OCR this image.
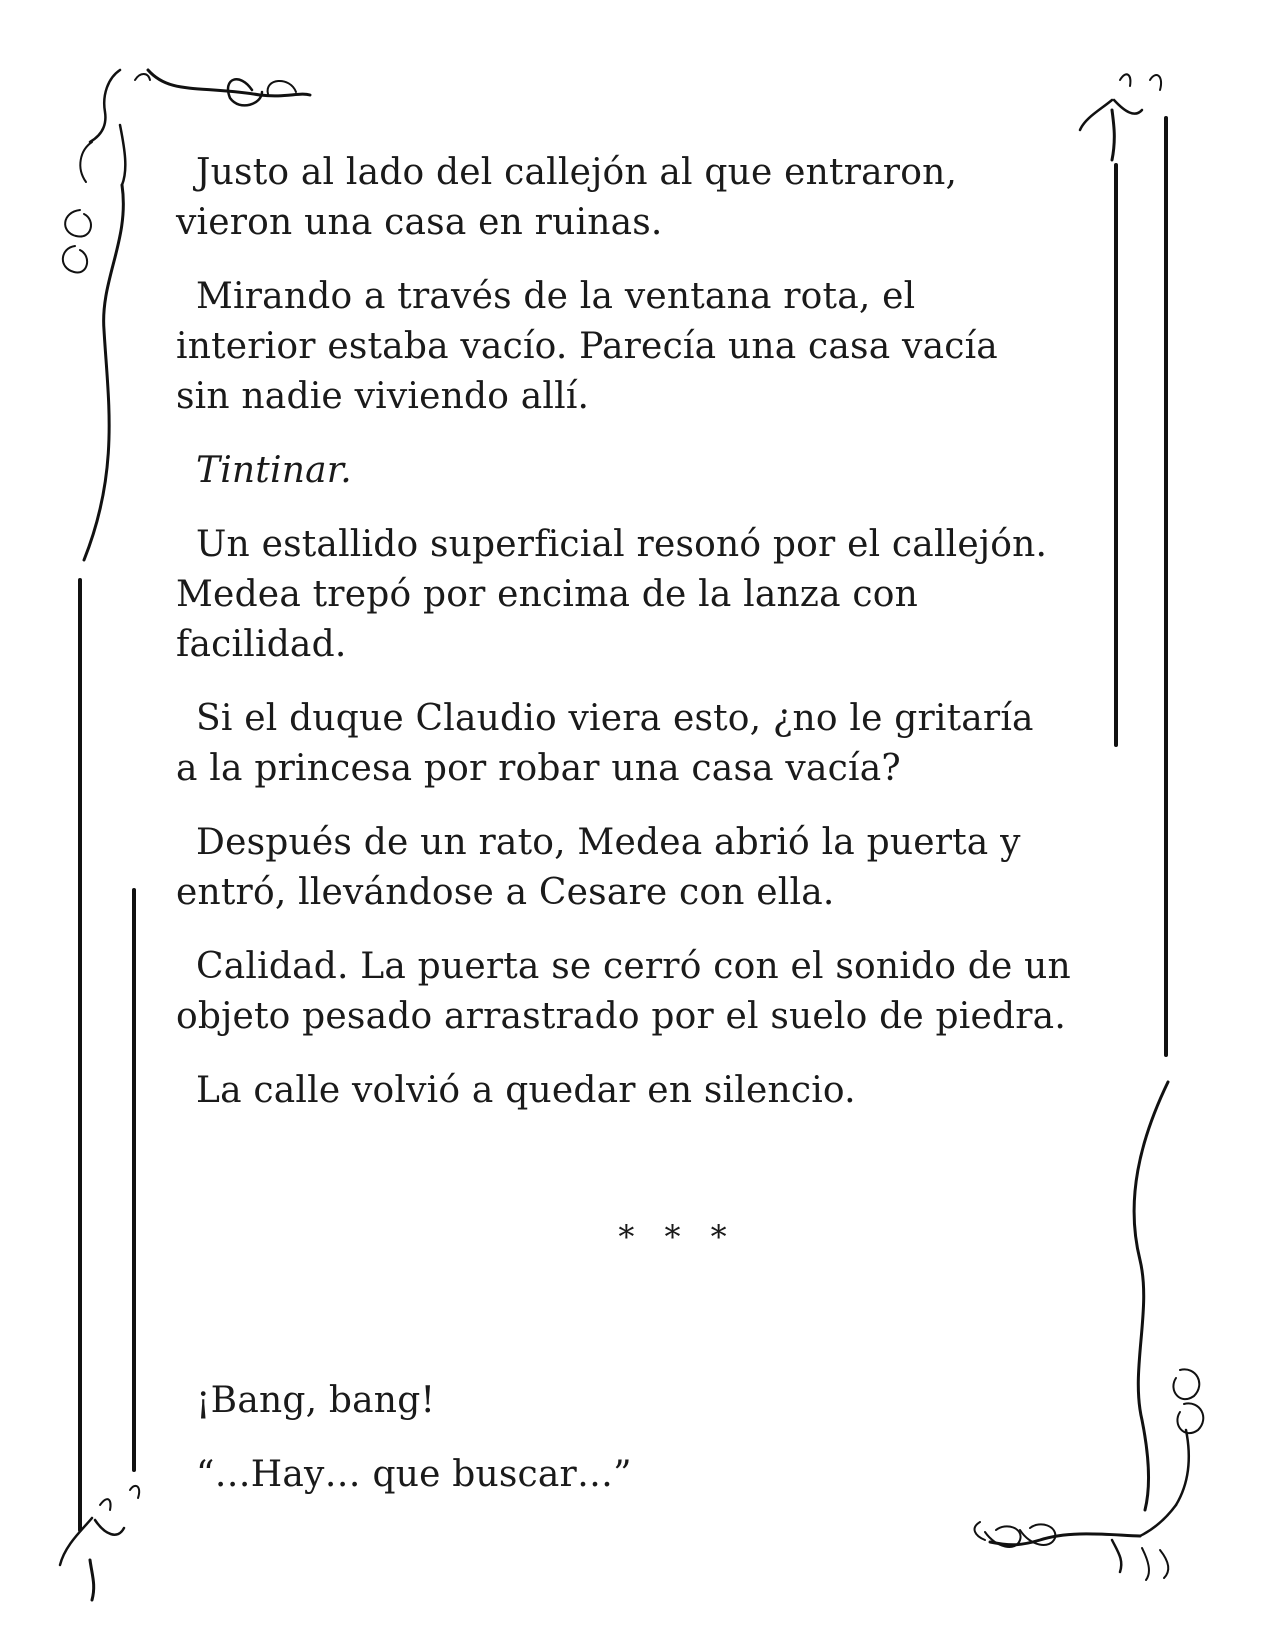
Justo al lado del callejón al que entraron,
vieron una casa en ruinas.

Mirando a través de la ventana rota, el
interior estaba vacío. Parecía una casa vacía
sin nadie viviendo allí.

Tintinar.

Un estallido superficial resonó por el callejón.
Medea trepó por encima de la lanza con
facilidad.

Si el duque Claudio viera esto, ¿no le gritaría
a la princesa por robar una casa vacía?

Después de un rato, Medea abrió la puerta y
entró, llevándose a Cesare con ella.

Calidad. La puerta se cerró con el sonido de un
objeto pesado arrastrado por el suelo de piedra.

La calle volvió a quedar en silencio.

* * *

¡Bang, bang!

“…Hay… que buscar…”
